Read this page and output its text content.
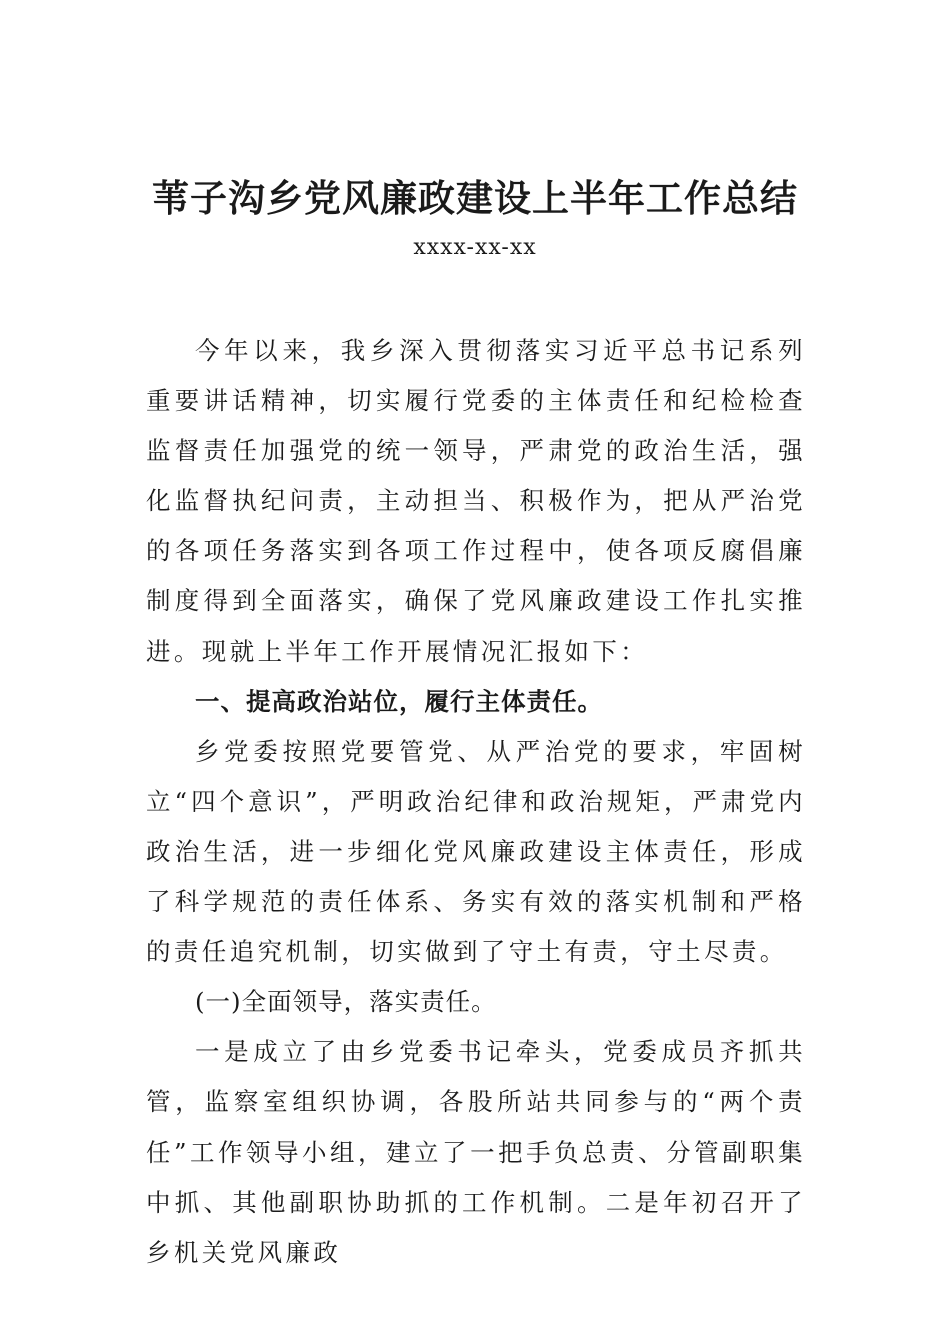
苇子沟乡党风廉政建设上半年工作总结
xxxx-xx-xx

今年以来，我乡深入贯彻落实习近平总书记系列重要讲话精神，切实履行党委的主体责任和纪检检查监督责任加强党的统一领导，严肃党的政治生活，强化监督执纪问责，主动担当、积极作为，把从严治党的各项任务落实到各项工作过程中，使各项反腐倡廉制度得到全面落实，确保了党风廉政建设工作扎实推进。现就上半年工作开展情况汇报如下：

一、提高政治站位，履行主体责任。

乡党委按照党要管党、从严治党的要求，牢固树立“四个意识”，严明政治纪律和政治规矩，严肃党内政治生活，进一步细化党风廉政建设主体责任，形成了科学规范的责任体系、务实有效的落实机制和严格的责任追究机制，切实做到了守土有责，守土尽责。

(一)全面领导，落实责任。

一是成立了由乡党委书记牵头，党委成员齐抓共管，监察室组织协调，各股所站共同参与的“两个责任”工作领导小组，建立了一把手负总责、分管副职集中抓、其他副职协助抓的工作机制。二是年初召开了乡机关党风廉政
